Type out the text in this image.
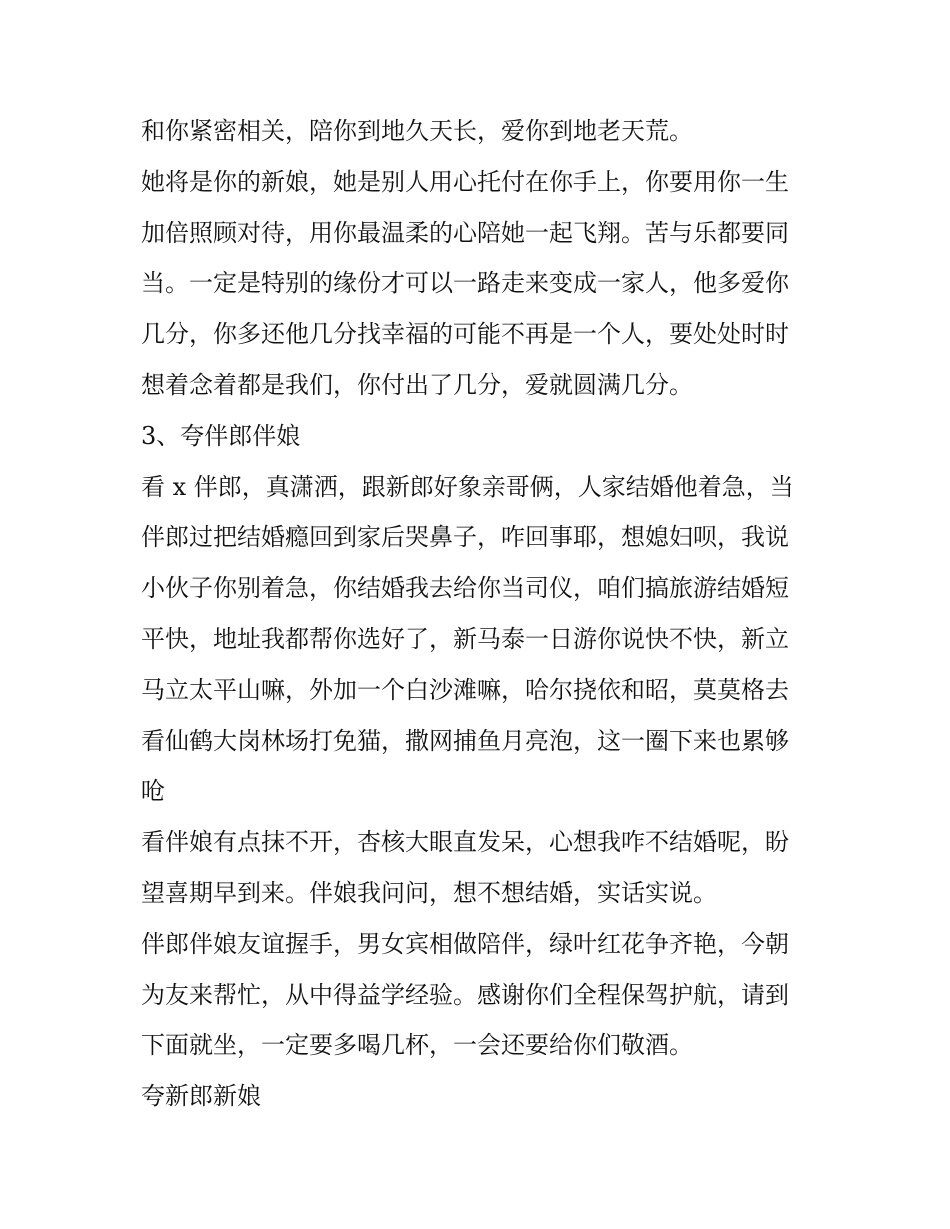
和你紧密相关，陪你到地久天长，爱你到地老天荒。
她将是你的新娘，她是别人用心托付在你手上，你要用你一生
加倍照顾对待，用你最温柔的心陪她一起飞翔。苦与乐都要同
当。一定是特别的缘份才可以一路走来变成一家人，他多爱你
几分，你多还他几分找幸福的可能不再是一个人，要处处时时
想着念着都是我们，你付出了几分，爱就圆满几分。
3、夸伴郎伴娘
看 x 伴郎，真潇洒，跟新郎好象亲哥俩，人家结婚他着急，当
伴郎过把结婚瘾回到家后哭鼻子，咋回事耶，想媳妇呗，我说
小伙子你别着急，你结婚我去给你当司仪，咱们搞旅游结婚短
平快，地址我都帮你选好了，新马泰一日游你说快不快，新立
马立太平山嘛，外加一个白沙滩嘛，哈尔挠依和昭，莫莫格去
看仙鹤大岗林场打免猫，撒网捕鱼月亮泡，这一圈下来也累够
呛
看伴娘有点抹不开，杏核大眼直发呆，心想我咋不结婚呢，盼
望喜期早到来。伴娘我问问，想不想结婚，实话实说。
伴郎伴娘友谊握手，男女宾相做陪伴，绿叶红花争齐艳，今朝
为友来帮忙，从中得益学经验。感谢你们全程保驾护航，请到
下面就坐，一定要多喝几杯，一会还要给你们敬酒。
夸新郎新娘
